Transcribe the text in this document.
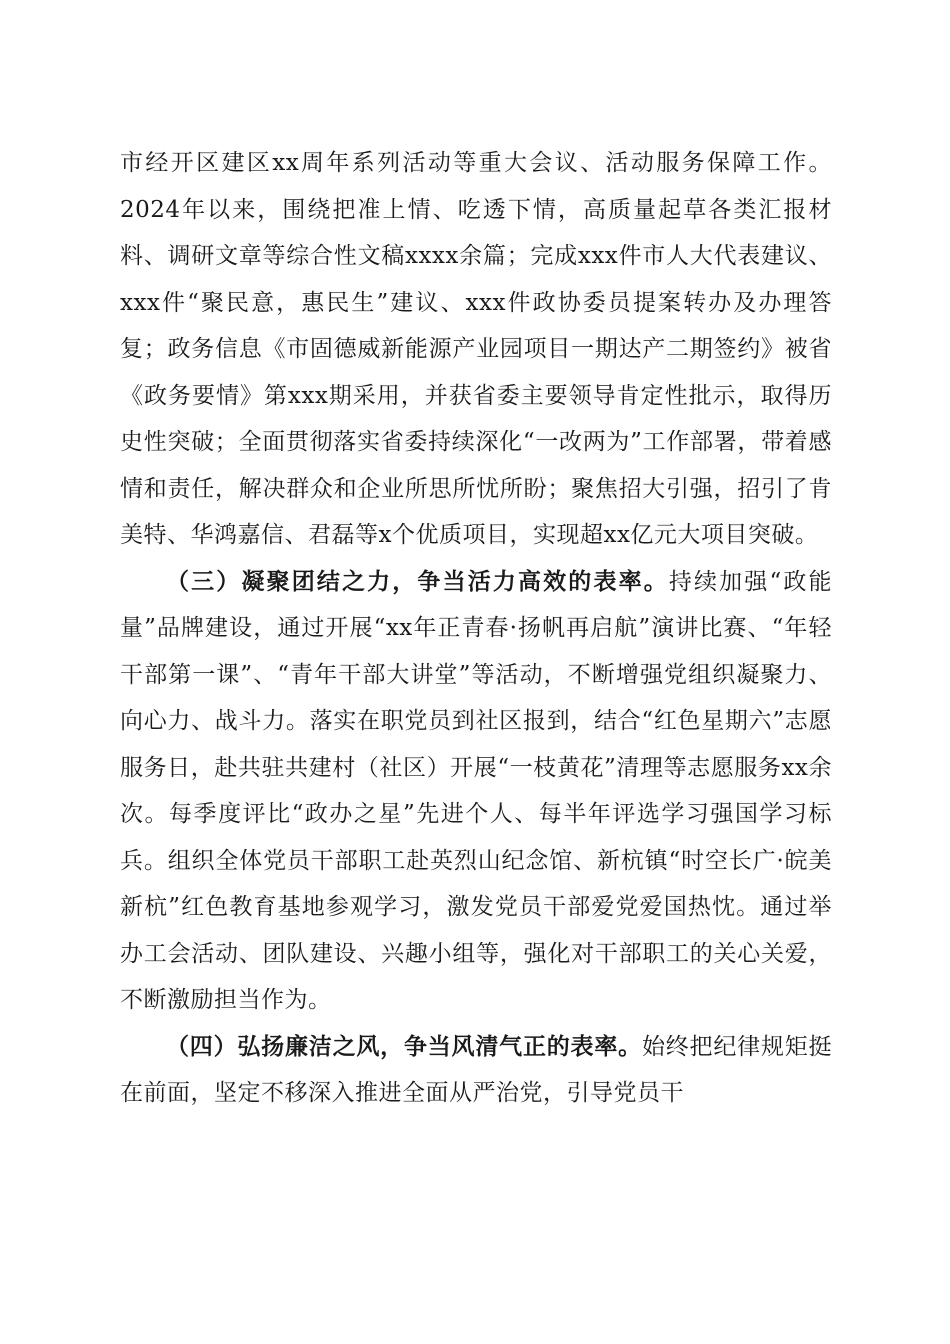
市经开区建区xx周年系列活动等重大会议、活动服务保障工作。2024年以来，围绕把准上情、吃透下情，高质量起草各类汇报材料、调研文章等综合性文稿xxxx余篇；完成xxx件市人大代表建议、xxx件“聚民意，惠民生”建议、xxx件政协委员提案转办及办理答复；政务信息《市固德威新能源产业园项目一期达产二期签约》被省《政务要情》第xxx期采用，并获省委主要领导肯定性批示，取得历史性突破；全面贯彻落实省委持续深化“一改两为”工作部署，带着感情和责任，解决群众和企业所思所忧所盼；聚焦招大引强，招引了肯美特、华鸿嘉信、君磊等x个优质项目，实现超xx亿元大项目突破。

（三）凝聚团结之力，争当活力高效的表率。持续加强“政能量”品牌建设，通过开展“xx年正青春·扬帆再启航”演讲比赛、“年轻干部第一课”、“青年干部大讲堂”等活动，不断增强党组织凝聚力、向心力、战斗力。落实在职党员到社区报到，结合“红色星期六”志愿服务日，赴共驻共建村（社区）开展“一枝黄花”清理等志愿服务xx余次。每季度评比“政办之星”先进个人、每半年评选学习强国学习标兵。组织全体党员干部职工赴英烈山纪念馆、新杭镇“时空长广·皖美新杭”红色教育基地参观学习，激发党员干部爱党爱国热忱。通过举办工会活动、团队建设、兴趣小组等，强化对干部职工的关心关爱，不断激励担当作为。

（四）弘扬廉洁之风，争当风清气正的表率。始终把纪律规矩挺在前面，坚定不移深入推进全面从严治党，引导党员干
